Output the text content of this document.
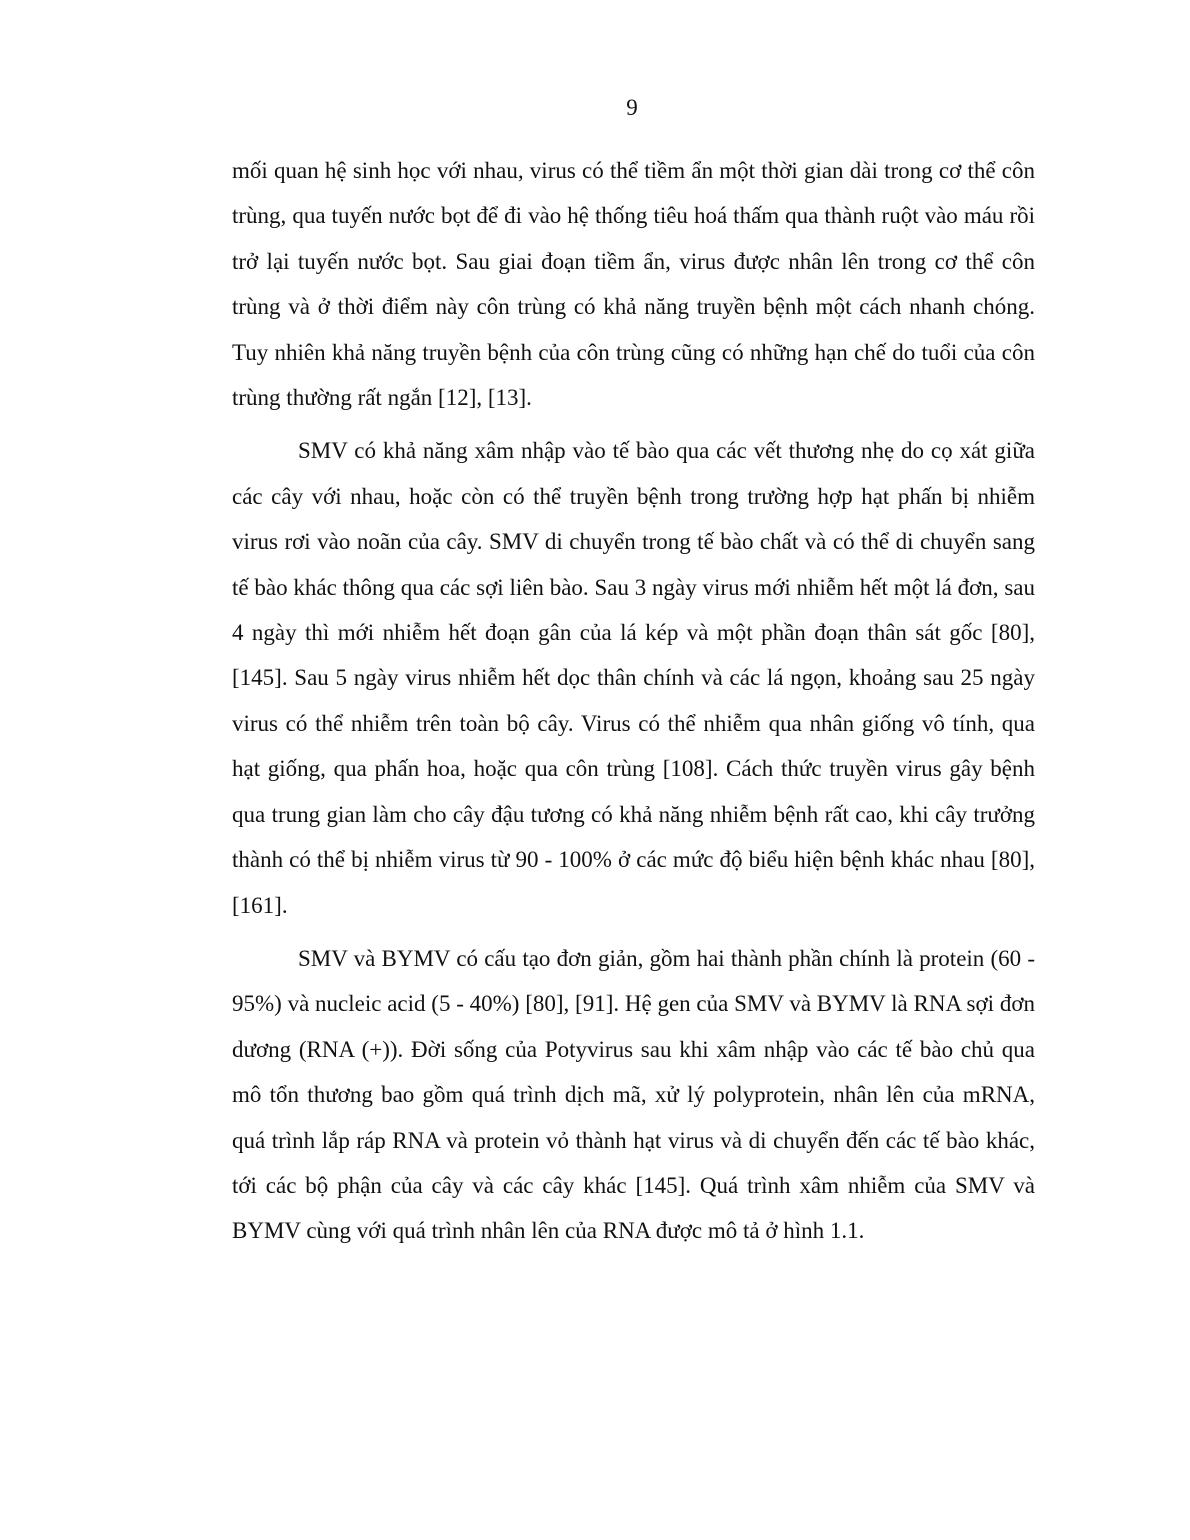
9

mối quan hệ sinh học với nhau, virus có thể tiềm ẩn một thời gian dài trong cơ thể côn trùng, qua tuyến nước bọt để đi vào hệ thống tiêu hoá thấm qua thành ruột vào máu rồi trở lại tuyến nước bọt. Sau giai đoạn tiềm ẩn, virus được nhân lên trong cơ thể côn trùng và ở thời điểm này côn trùng có khả năng truyền bệnh một cách nhanh chóng. Tuy nhiên khả năng truyền bệnh của côn trùng cũng có những hạn chế do tuổi của côn trùng thường rất ngắn [12], [13].

SMV có khả năng xâm nhập vào tế bào qua các vết thương nhẹ do cọ xát giữa các cây với nhau, hoặc còn có thể truyền bệnh trong trường hợp hạt phấn bị nhiễm virus rơi vào noãn của cây. SMV di chuyển trong tế bào chất và có thể di chuyển sang tế bào khác thông qua các sợi liên bào. Sau 3 ngày virus mới nhiễm hết một lá đơn, sau 4 ngày thì mới nhiễm hết đoạn gân của lá kép và một phần đoạn thân sát gốc [80], [145]. Sau 5 ngày virus nhiễm hết dọc thân chính và các lá ngọn, khoảng sau 25 ngày virus có thể nhiễm trên toàn bộ cây. Virus có thể nhiễm qua nhân giống vô tính, qua hạt giống, qua phấn hoa, hoặc qua côn trùng [108]. Cách thức truyền virus gây bệnh qua trung gian làm cho cây đậu tương có khả năng nhiễm bệnh rất cao, khi cây trưởng thành có thể bị nhiễm virus từ 90 - 100% ở các mức độ biểu hiện bệnh khác nhau [80], [161].

SMV và BYMV có cấu tạo đơn giản, gồm hai thành phần chính là protein (60 - 95%) và nucleic acid (5 - 40%) [80], [91]. Hệ gen của SMV và BYMV là RNA sợi đơn dương (RNA (+)). Đời sống của Potyvirus sau khi xâm nhập vào các tế bào chủ qua mô tổn thương bao gồm quá trình dịch mã, xử lý polyprotein, nhân lên của mRNA, quá trình lắp ráp RNA và protein vỏ thành hạt virus và di chuyển đến các tế bào khác, tới các bộ phận của cây và các cây khác [145]. Quá trình xâm nhiễm của SMV và BYMV cùng với quá trình nhân lên của RNA được mô tả ở hình 1.1.
